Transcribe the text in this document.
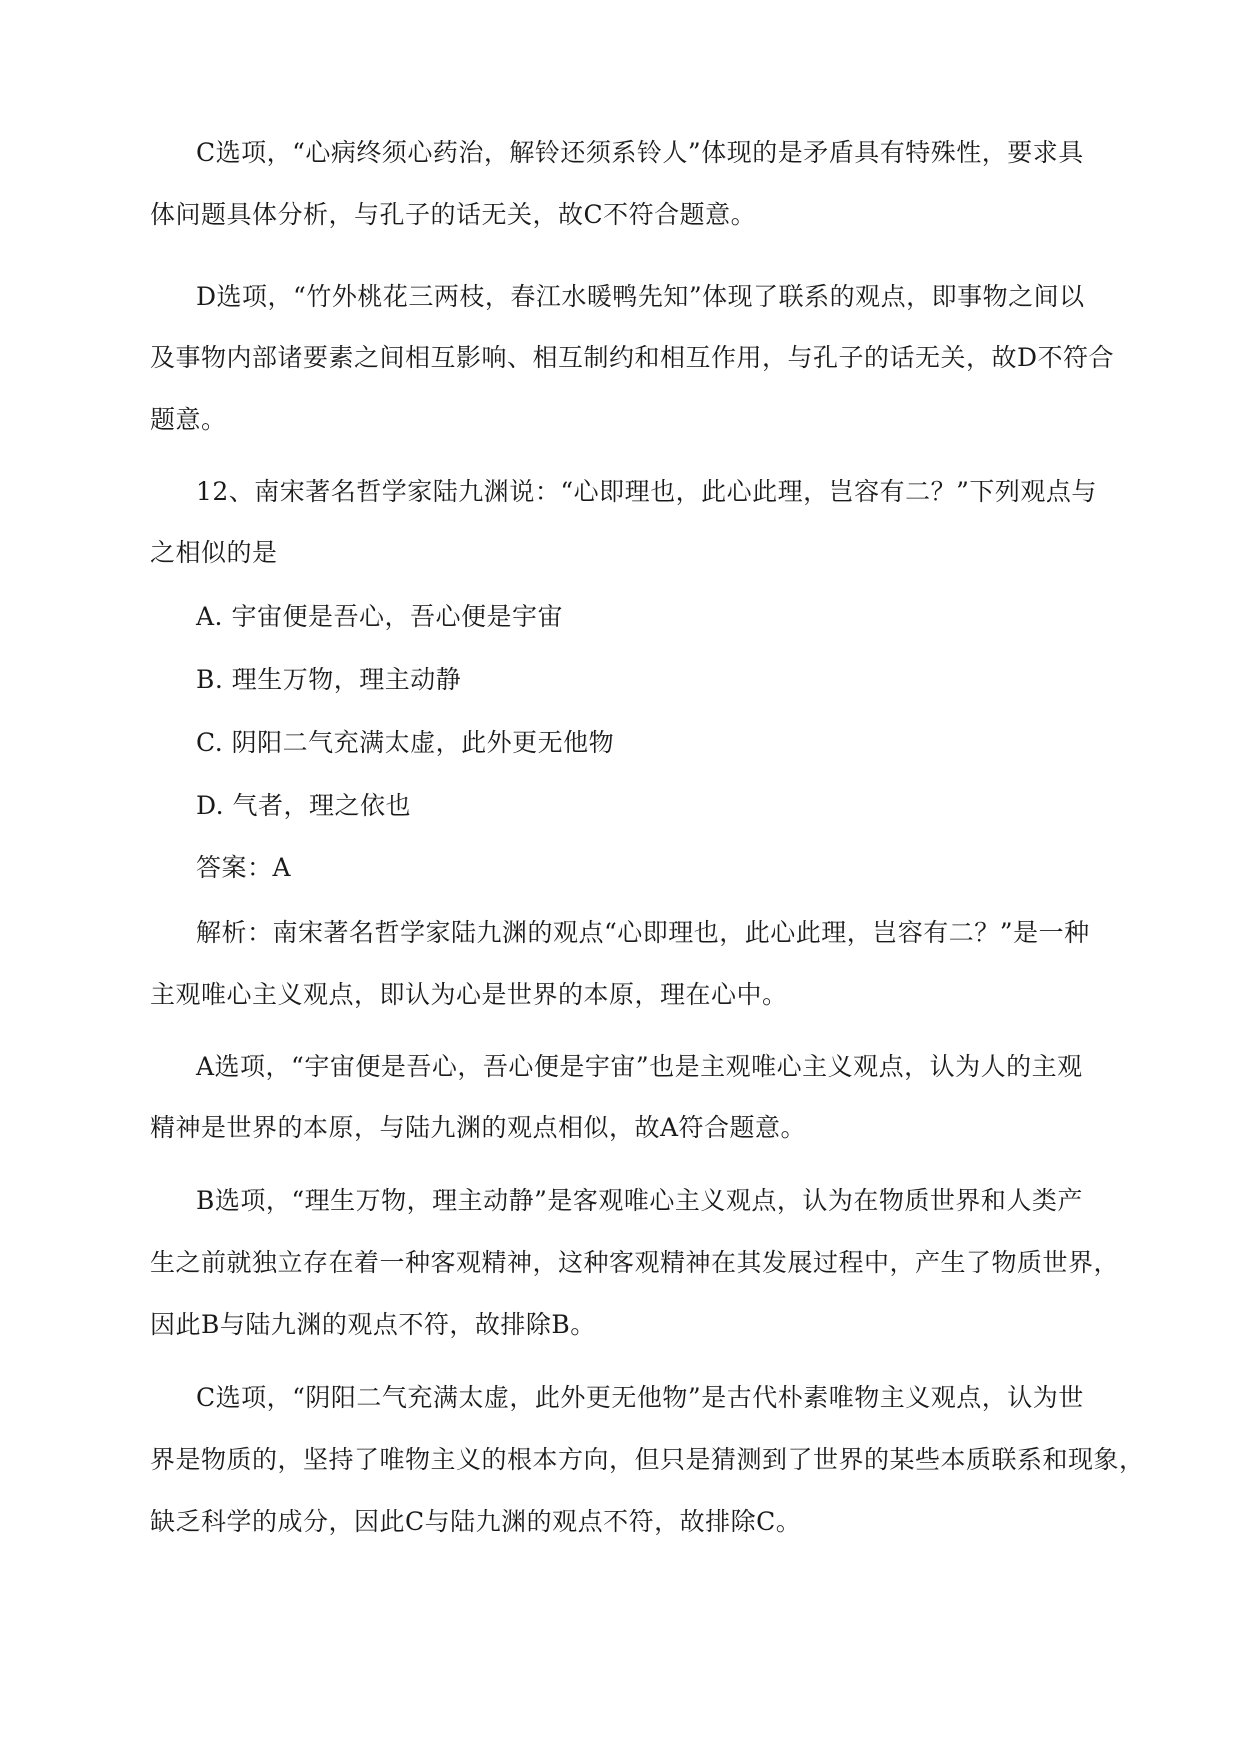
C选项，“心病终须心药治，解铃还须系铃人”体现的是矛盾具有特殊性，要求具

体问题具体分析，与孔子的话无关，故C不符合题意。

D选项，“竹外桃花三两枝，春江水暖鸭先知”体现了联系的观点，即事物之间以

及事物内部诸要素之间相互影响、相互制约和相互作用，与孔子的话无关，故D不符合

题意。

12、南宋著名哲学家陆九渊说：“心即理也，此心此理，岂容有二？”下列观点与

之相似的是

A. 宇宙便是吾心，吾心便是宇宙

B. 理生万物，理主动静

C. 阴阳二气充满太虚，此外更无他物

D. 气者，理之依也

答案：A

解析：南宋著名哲学家陆九渊的观点“心即理也，此心此理，岂容有二？”是一种

主观唯心主义观点，即认为心是世界的本原，理在心中。

A选项，“宇宙便是吾心，吾心便是宇宙”也是主观唯心主义观点，认为人的主观

精神是世界的本原，与陆九渊的观点相似，故A符合题意。

B选项，“理生万物，理主动静”是客观唯心主义观点，认为在物质世界和人类产

生之前就独立存在着一种客观精神，这种客观精神在其发展过程中，产生了物质世界，

因此B与陆九渊的观点不符，故排除B。

C选项，“阴阳二气充满太虚，此外更无他物”是古代朴素唯物主义观点，认为世

界是物质的，坚持了唯物主义的根本方向，但只是猜测到了世界的某些本质联系和现象，

缺乏科学的成分，因此C与陆九渊的观点不符，故排除C。
